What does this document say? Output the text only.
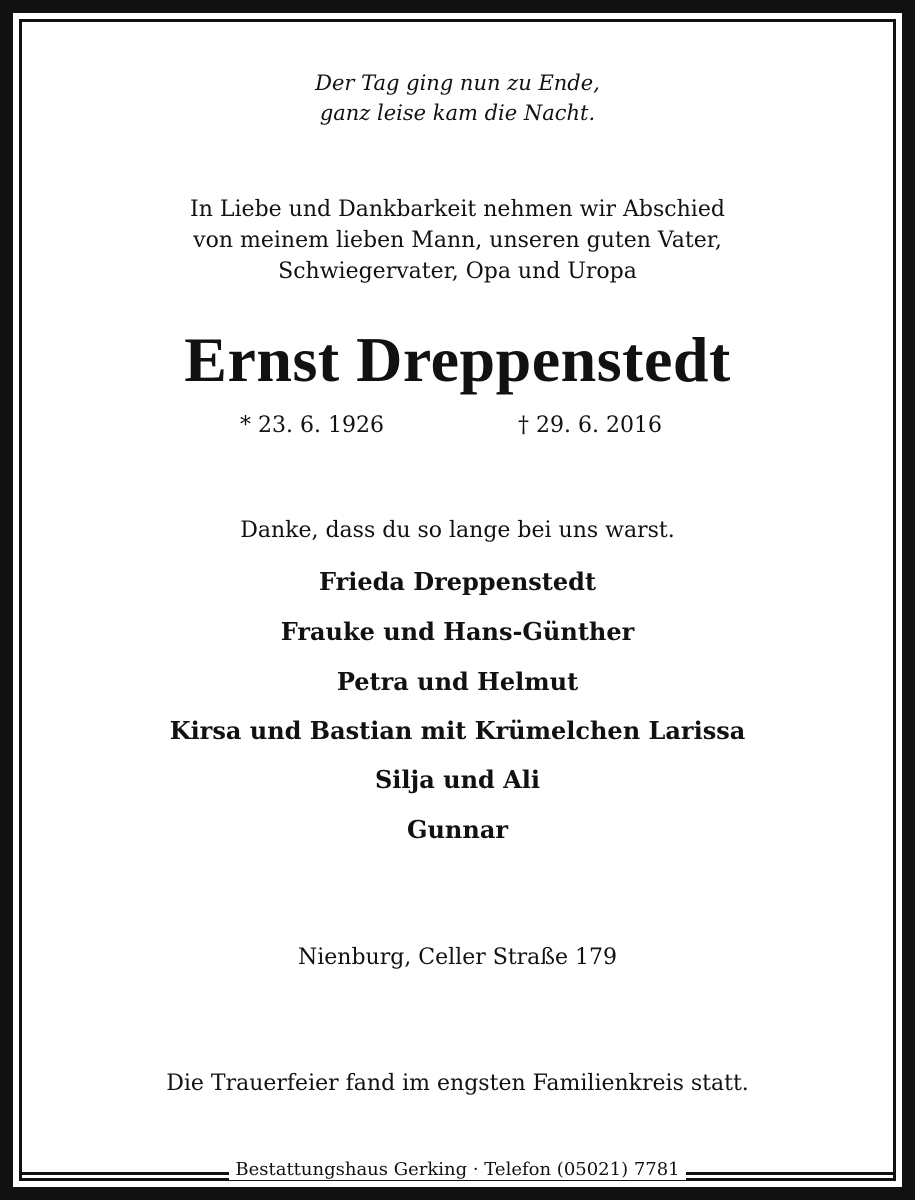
Der Tag ging nun zu Ende,
ganz leise kam die Nacht.
In Liebe und Dankbarkeit nehmen wir Abschied
von meinem lieben Mann, unseren guten Vater,
Schwiegervater, Opa und Uropa
Ernst Dreppenstedt
* 23. 6. 1926	† 29. 6. 2016
Danke, dass du so lange bei uns warst.
Frieda Dreppenstedt
Frauke und Hans-Günther
Petra und Helmut
Kirsa und Bastian mit Krümelchen Larissa
Silja und Ali
Gunnar
Nienburg, Celler Straße 179
Die Trauerfeier fand im engsten Familienkreis statt.
Bestattungshaus Gerking · Telefon (05021) 7781
